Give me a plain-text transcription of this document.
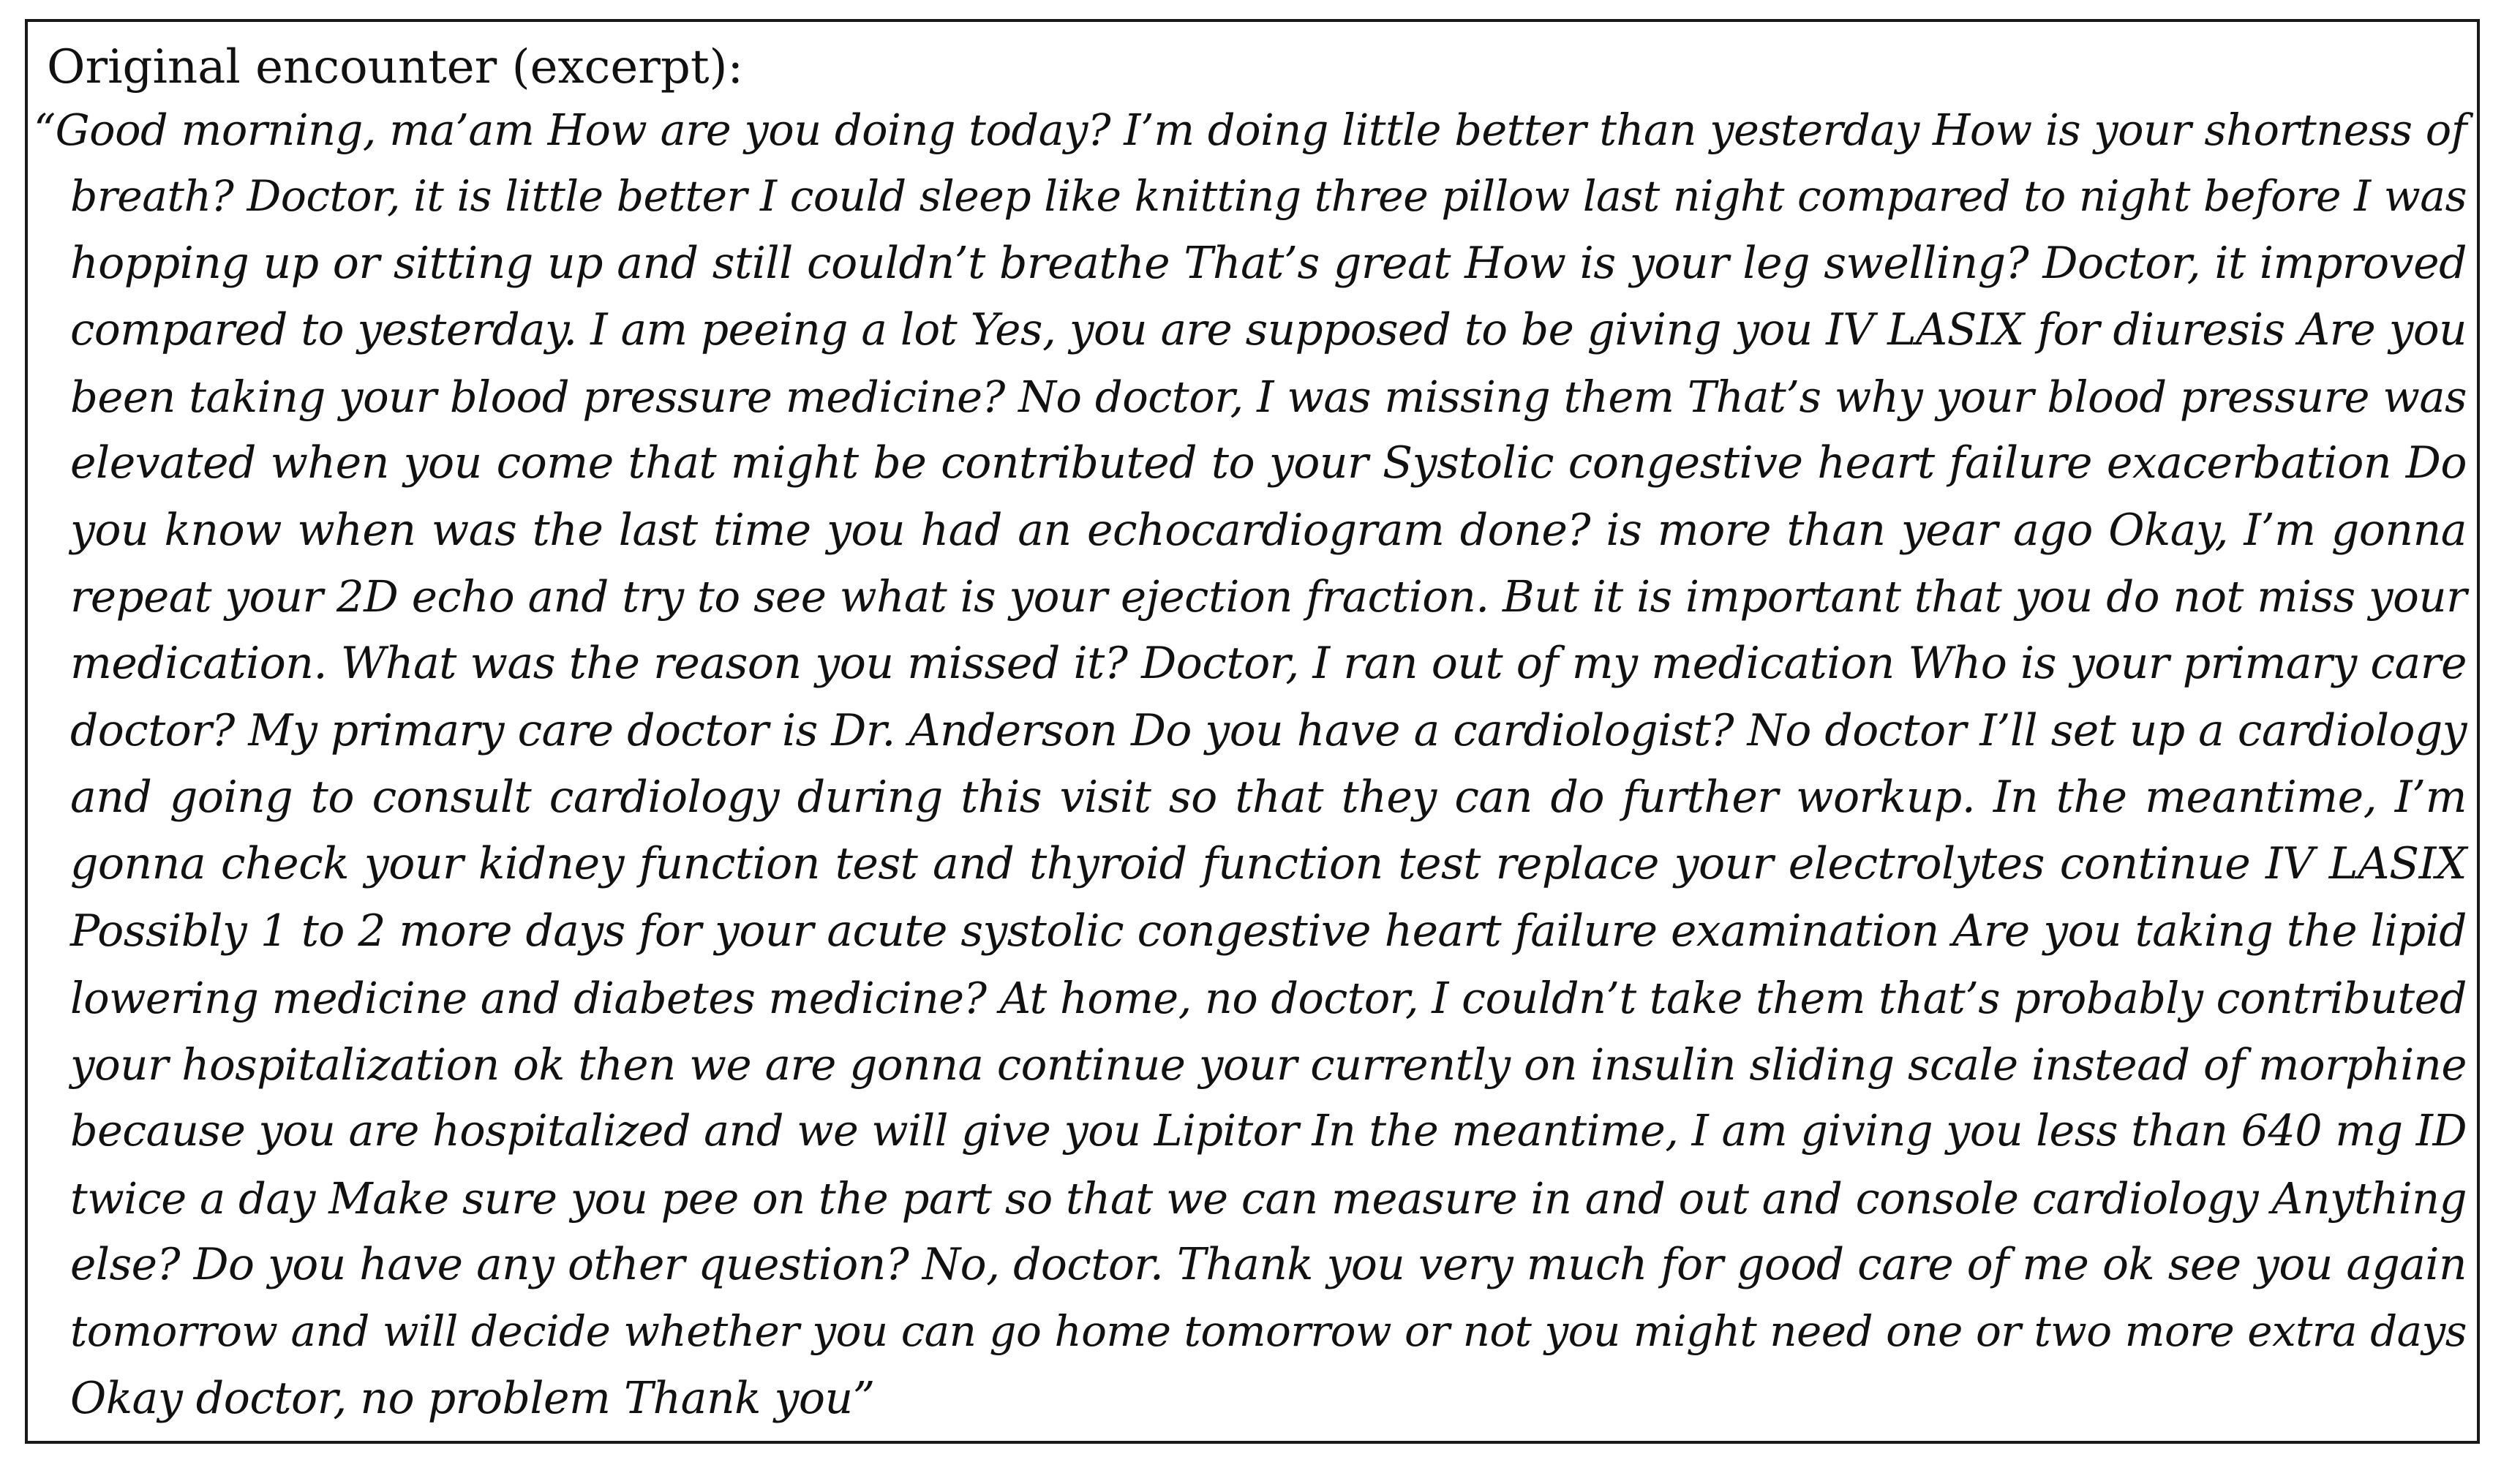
Original encounter (excerpt):
“Good morning, ma’am How are you doing today? I’m doing little better than yesterday How is your shortness of
breath? Doctor, it is little better I could sleep like knitting three pillow last night compared to night before I was
hopping up or sitting up and still couldn’t breathe That’s great How is your leg swelling? Doctor, it improved
compared to yesterday. I am peeing a lot Yes, you are supposed to be giving you IV LASIX for diuresis Are you
been taking your blood pressure medicine? No doctor, I was missing them That’s why your blood pressure was
elevated when you come that might be contributed to your Systolic congestive heart failure exacerbation Do
you know when was the last time you had an echocardiogram done? is more than year ago Okay, I’m gonna
repeat your 2D echo and try to see what is your ejection fraction. But it is important that you do not miss your
medication. What was the reason you missed it? Doctor, I ran out of my medication Who is your primary care
doctor? My primary care doctor is Dr. Anderson Do you have a cardiologist? No doctor I’ll set up a cardiology
and going to consult cardiology during this visit so that they can do further workup. In the meantime, I’m
gonna check your kidney function test and thyroid function test replace your electrolytes continue IV LASIX
Possibly 1 to 2 more days for your acute systolic congestive heart failure examination Are you taking the lipid
lowering medicine and diabetes medicine? At home, no doctor, I couldn’t take them that’s probably contributed
your hospitalization ok then we are gonna continue your currently on insulin sliding scale instead of morphine
because you are hospitalized and we will give you Lipitor In the meantime, I am giving you less than 640 mg ID
twice a day Make sure you pee on the part so that we can measure in and out and console cardiology Anything
else? Do you have any other question? No, doctor. Thank you very much for good care of me ok see you again
tomorrow and will decide whether you can go home tomorrow or not you might need one or two more extra days
Okay doctor, no problem Thank you”
